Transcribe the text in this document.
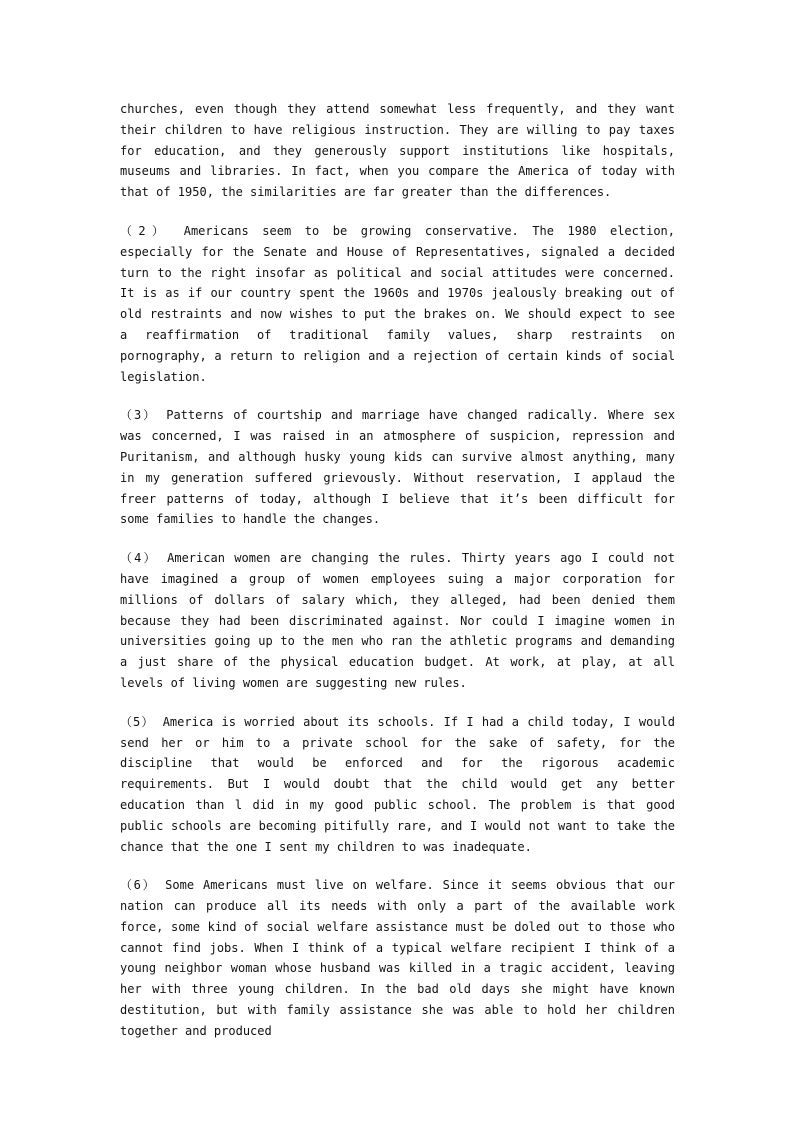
churches, even though they attend somewhat less frequently, and they want their children to have religious instruction. They are willing to pay taxes for education, and they generously support institutions like hospitals, museums and libraries. In fact, when you compare the America of today with that of 1950, the similarities are far greater than the differences.

（2） Americans seem to be growing conservative. The 1980 election, especially for the Senate and House of Representatives, signaled a decided turn to the right insofar as political and social attitudes were concerned. It is as if our country spent the 1960s and 1970s jealously breaking out of old restraints and now wishes to put the brakes on. We should expect to see a reaffirmation of traditional family values, sharp restraints on pornography, a return to religion and a rejection of certain kinds of social legislation.

（3） Patterns of courtship and marriage have changed radically. Where sex was concerned, I was raised in an atmosphere of suspicion, repression and Puritanism, and although husky young kids can survive almost anything, many in my generation suffered grievously. Without reservation, I applaud the freer patterns of today, although I believe that it’s been difficult for some families to handle the changes.

（4） American women are changing the rules. Thirty years ago I could not have imagined a group of women employees suing a major corporation for millions of dollars of salary which, they alleged, had been denied them because they had been discriminated against. Nor could I imagine women in universities going up to the men who ran the athletic programs and demanding a just share of the physical education budget. At work, at play, at all levels of living women are suggesting new rules.

（5） America is worried about its schools. If I had a child today, I would send her or him to a private school for the sake of safety, for the discipline that would be enforced and for the rigorous academic requirements. But I would doubt that the child would get any better education than l did in my good public school. The problem is that good public schools are becoming pitifully rare, and I would not want to take the chance that the one I sent my children to was inadequate.

（6） Some Americans must live on welfare. Since it seems obvious that our nation can produce all its needs with only a part of the available work force, some kind of social welfare assistance must be doled out to those who cannot find jobs. When I think of a typical welfare recipient I think of a young neighbor woman whose husband was killed in a tragic accident, leaving her with three young children. In the bad old days she might have known destitution, but with family assistance she was able to hold her children together and produced
